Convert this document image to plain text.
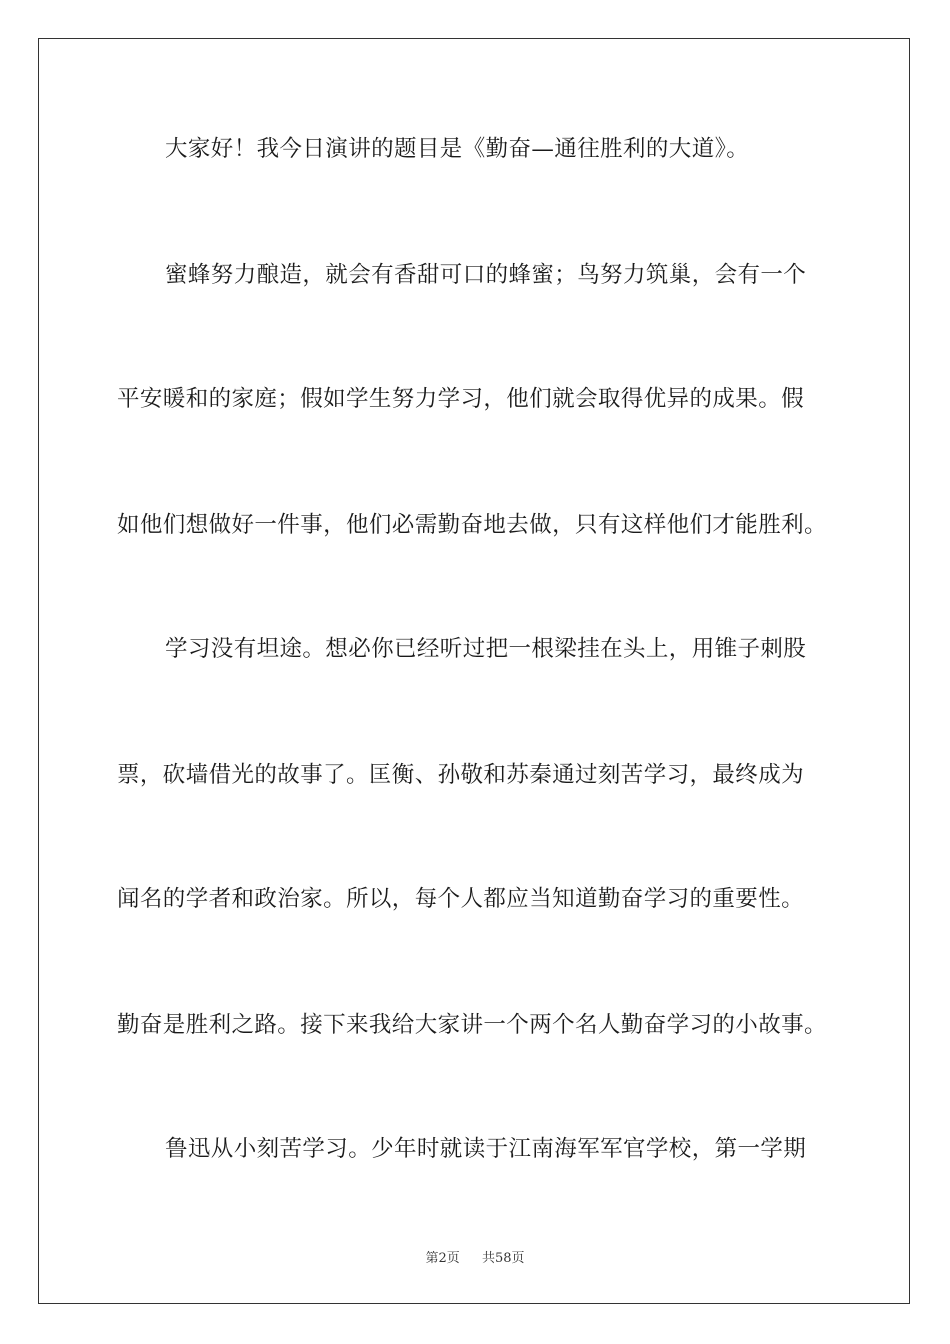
大家好！我今日演讲的题目是《勤奋—通往胜利的大道》。
蜜蜂努力酿造，就会有香甜可口的蜂蜜；鸟努力筑巢，会有一个
平安暖和的家庭；假如学生努力学习，他们就会取得优异的成果。假
如他们想做好一件事，他们必需勤奋地去做，只有这样他们才能胜利。
学习没有坦途。想必你已经听过把一根梁挂在头上，用锥子刺股
票，砍墙借光的故事了。匡衡、孙敬和苏秦通过刻苦学习，最终成为
闻名的学者和政治家。所以，每个人都应当知道勤奋学习的重要性。
勤奋是胜利之路。接下来我给大家讲一个两个名人勤奋学习的小故事。
鲁迅从小刻苦学习。少年时就读于江南海军军官学校，第一学期
第2页 共58页
